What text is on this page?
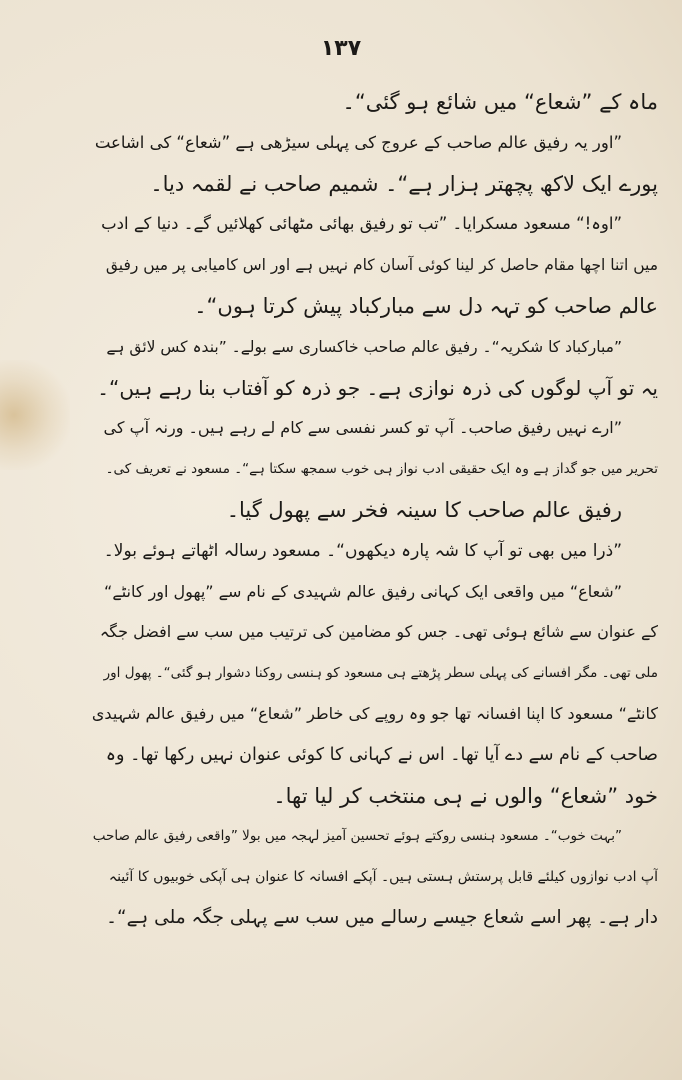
۱۳۷
ماہ کے ”شعاع“ میں شائع ہو گئی“۔
”اور یہ رفیق عالم صاحب کے عروج کی پہلی سیڑھی ہے ”شعاع“ کی اشاعت
پورے ایک لاکھ پچھتر ہزار ہے“۔ شمیم صاحب نے لقمہ دیا۔
”اوہ!“ مسعود مسکرایا۔ ”تب تو رفیق بھائی مٹھائی کھلائیں گے۔ دنیا کے ادب
میں اتنا اچھا مقام حاصل کر لینا کوئی آسان کام نہیں ہے اور اس کامیابی پر میں رفیق
عالم صاحب کو تہہ دل سے مبارکباد پیش کرتا ہوں“۔
”مبارکباد کا شکریہ“۔ رفیق عالم صاحب خاکساری سے بولے۔ ”بندہ کس لائق ہے
یہ تو آپ لوگوں کی ذرہ نوازی ہے۔ جو ذرہ کو آفتاب بنا رہے ہیں“۔
”ارے نہیں رفیق صاحب۔ آپ تو کسر نفسی سے کام لے رہے ہیں۔ ورنہ آپ کی
تحریر میں جو گداز ہے وہ ایک حقیقی ادب نواز ہی خوب سمجھ سکتا ہے“۔ مسعود نے تعریف کی۔
رفیق عالم صاحب کا سینہ فخر سے پھول گیا۔
”ذرا میں بھی تو آپ کا شہ پارہ دیکھوں“۔ مسعود رسالہ اٹھاتے ہوئے بولا۔
”شعاع“ میں واقعی ایک کہانی رفیق عالم شہیدی کے نام سے ”پھول اور کانٹے“
کے عنوان سے شائع ہوئی تھی۔ جس کو مضامین کی ترتیب میں سب سے افضل جگہ
ملی تھی۔ مگر افسانے کی پہلی سطر پڑھتے ہی مسعود کو ہنسی روکنا دشوار ہو گئی“۔ پھول اور
کانٹے“ مسعود کا اپنا افسانہ تھا جو وہ روپے کی خاطر ”شعاع“ میں رفیق عالم شہیدی
صاحب کے نام سے دے آیا تھا۔ اس نے کہانی کا کوئی عنوان نہیں رکھا تھا۔ وہ
خود ”شعاع“ والوں نے ہی منتخب کر لیا تھا۔
”بہت خوب“۔ مسعود ہنسی روکتے ہوئے تحسین آمیز لہجہ میں بولا ”واقعی رفیق عالم صاحب
آپ ادب نوازوں کیلئے قابل پرستش ہستی ہیں۔ آپکے افسانہ کا عنوان ہی آپکی خوبیوں کا آئینہ
دار ہے۔ پھر اسے شعاع جیسے رسالے میں سب سے پہلی جگہ ملی ہے“۔
